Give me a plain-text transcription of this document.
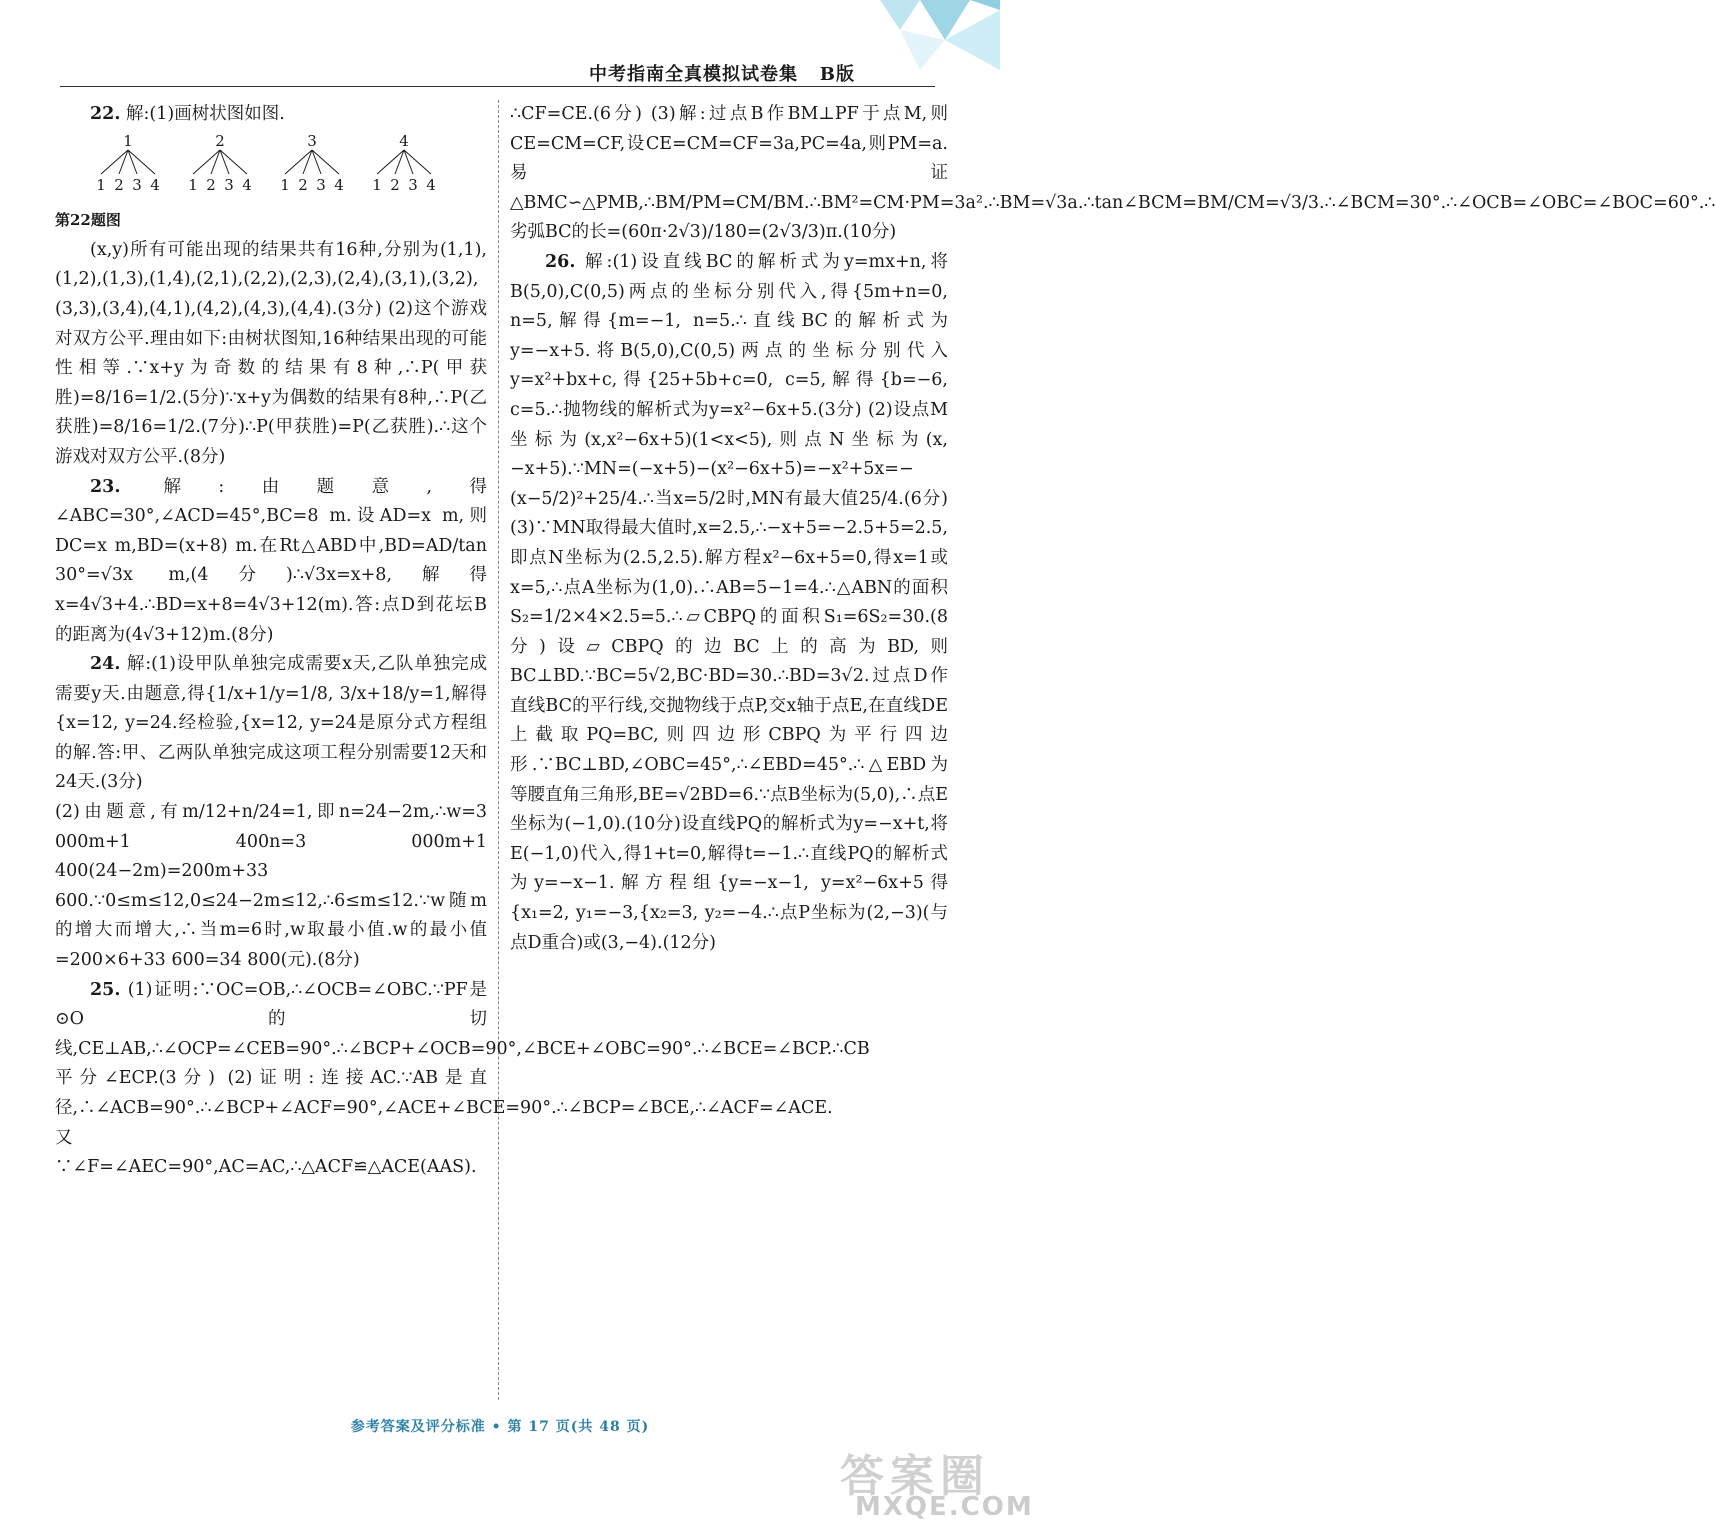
中考指南全真模拟试卷集 B版

22. 解:(1)画树状图如图.

1
1 2 3 4
2
1 2 3 4
3
1 2 3 4
4
1 2 3 4

第22题图

(x,y)所有可能出现的结果共有16种,分别为(1,1),(1,2),(1,3),(1,4),(2,1),(2,2),(2,3),(2,4),(3,1),(3,2),(3,3),(3,4),(4,1),(4,2),(4,3),(4,4).(3分) (2)这个游戏对双方公平.理由如下:由树状图知,16种结果出现的可能性相等.∵x+y为奇数的结果有8种,∴P(甲获胜)=8/16=1/2.(5分)∵x+y为偶数的结果有8种,∴P(乙获胜)=8/16=1/2.(7分)∴P(甲获胜)=P(乙获胜).∴这个游戏对双方公平.(8分)

23. 解:由题意,得∠ABC=30°,∠ACD=45°,BC=8 m.设AD=x m,则DC=x m,BD=(x+8) m.在Rt△ABD中,BD=AD/tan 30°=√3x m,(4分)∴√3x=x+8,解得x=4√3+4.∴BD=x+8=4√3+12(m).答:点D到花坛B的距离为(4√3+12)m.(8分)

24. 解:(1)设甲队单独完成需要x天,乙队单独完成需要y天.由题意,得{1/x+1/y=1/8, 3/x+18/y=1,解得{x=12, y=24.经检验,{x=12, y=24是原分式方程组的解.答:甲、乙两队单独完成这项工程分别需要12天和24天.(3分)

(2)由题意,有m/12+n/24=1,即n=24−2m,∴w=3 000m+1 400n=3 000m+1 400(24−2m)=200m+33 600.∵0≤m≤12,0≤24−2m≤12,∴6≤m≤12.∵w随m的增大而增大,∴当m=6时,w取最小值.w的最小值=200×6+33 600=34 800(元).(8分)

25. (1)证明:∵OC=OB,∴∠OCB=∠OBC.∵PF是⊙O的切线,CE⊥AB,∴∠OCP=∠CEB=90°.∴∠BCP+∠OCB=90°,∠BCE+∠OBC=90°.∴∠BCE=∠BCP.∴CB平分∠ECP.(3分) (2)证明:连接AC.∵AB是直径,∴∠ACB=90°.∴∠BCP+∠ACF=90°,∠ACE+∠BCE=90°.∴∠BCP=∠BCE,∴∠ACF=∠ACE.又∵∠F=∠AEC=90°,AC=AC,∴△ACF≌△ACE(AAS).

∴CF=CE.(6分) (3)解:过点B作BM⊥PF于点M,则CE=CM=CF,设CE=CM=CF=3a,PC=4a,则PM=a.易证△BMC∽△PMB,∴BM/PM=CM/BM.∴BM²=CM·PM=3a².∴BM=√3a.∴tan∠BCM=BM/CM=√3/3.∴∠BCM=30°.∴∠OCB=∠OBC=∠BOC=60°.∴劣弧BC的长=(60π·2√3)/180=(2√3/3)π.(10分)

26. 解:(1)设直线BC的解析式为y=mx+n,将B(5,0),C(0,5)两点的坐标分别代入,得{5m+n=0, n=5,解得{m=−1, n=5.∴直线BC的解析式为y=−x+5.将B(5,0),C(0,5)两点的坐标分别代入y=x²+bx+c,得{25+5b+c=0, c=5,解得{b=−6, c=5.∴抛物线的解析式为y=x²−6x+5.(3分) (2)设点M坐标为(x,x²−6x+5)(1<x<5),则点N坐标为(x,−x+5).∵MN=(−x+5)−(x²−6x+5)=−x²+5x=−(x−5/2)²+25/4.∴当x=5/2时,MN有最大值25/4.(6分) (3)∵MN取得最大值时,x=2.5,∴−x+5=−2.5+5=2.5,即点N坐标为(2.5,2.5).解方程x²−6x+5=0,得x=1或x=5,∴点A坐标为(1,0).∴AB=5−1=4.∴△ABN的面积S₂=1/2×4×2.5=5.∴▱CBPQ的面积S₁=6S₂=30.(8分)设▱CBPQ的边BC上的高为BD,则BC⊥BD.∵BC=5√2,BC·BD=30.∴BD=3√2.过点D作直线BC的平行线,交抛物线于点P,交x轴于点E,在直线DE上截取PQ=BC,则四边形CBPQ为平行四边形.∵BC⊥BD,∠OBC=45°,∴∠EBD=45°.∴△EBD为等腰直角三角形,BE=√2BD=6.∵点B坐标为(5,0),∴点E坐标为(−1,0).(10分)设直线PQ的解析式为y=−x+t,将E(−1,0)代入,得1+t=0,解得t=−1.∴直线PQ的解析式为y=−x−1.解方程组{y=−x−1, y=x²−6x+5得{x₁=2, y₁=−3,{x₂=3, y₂=−4.∴点P坐标为(2,−3)(与点D重合)或(3,−4).(12分)

参考答案及评分标准 • 第 17 页(共 48 页)
答案圈
MXQE.COM
